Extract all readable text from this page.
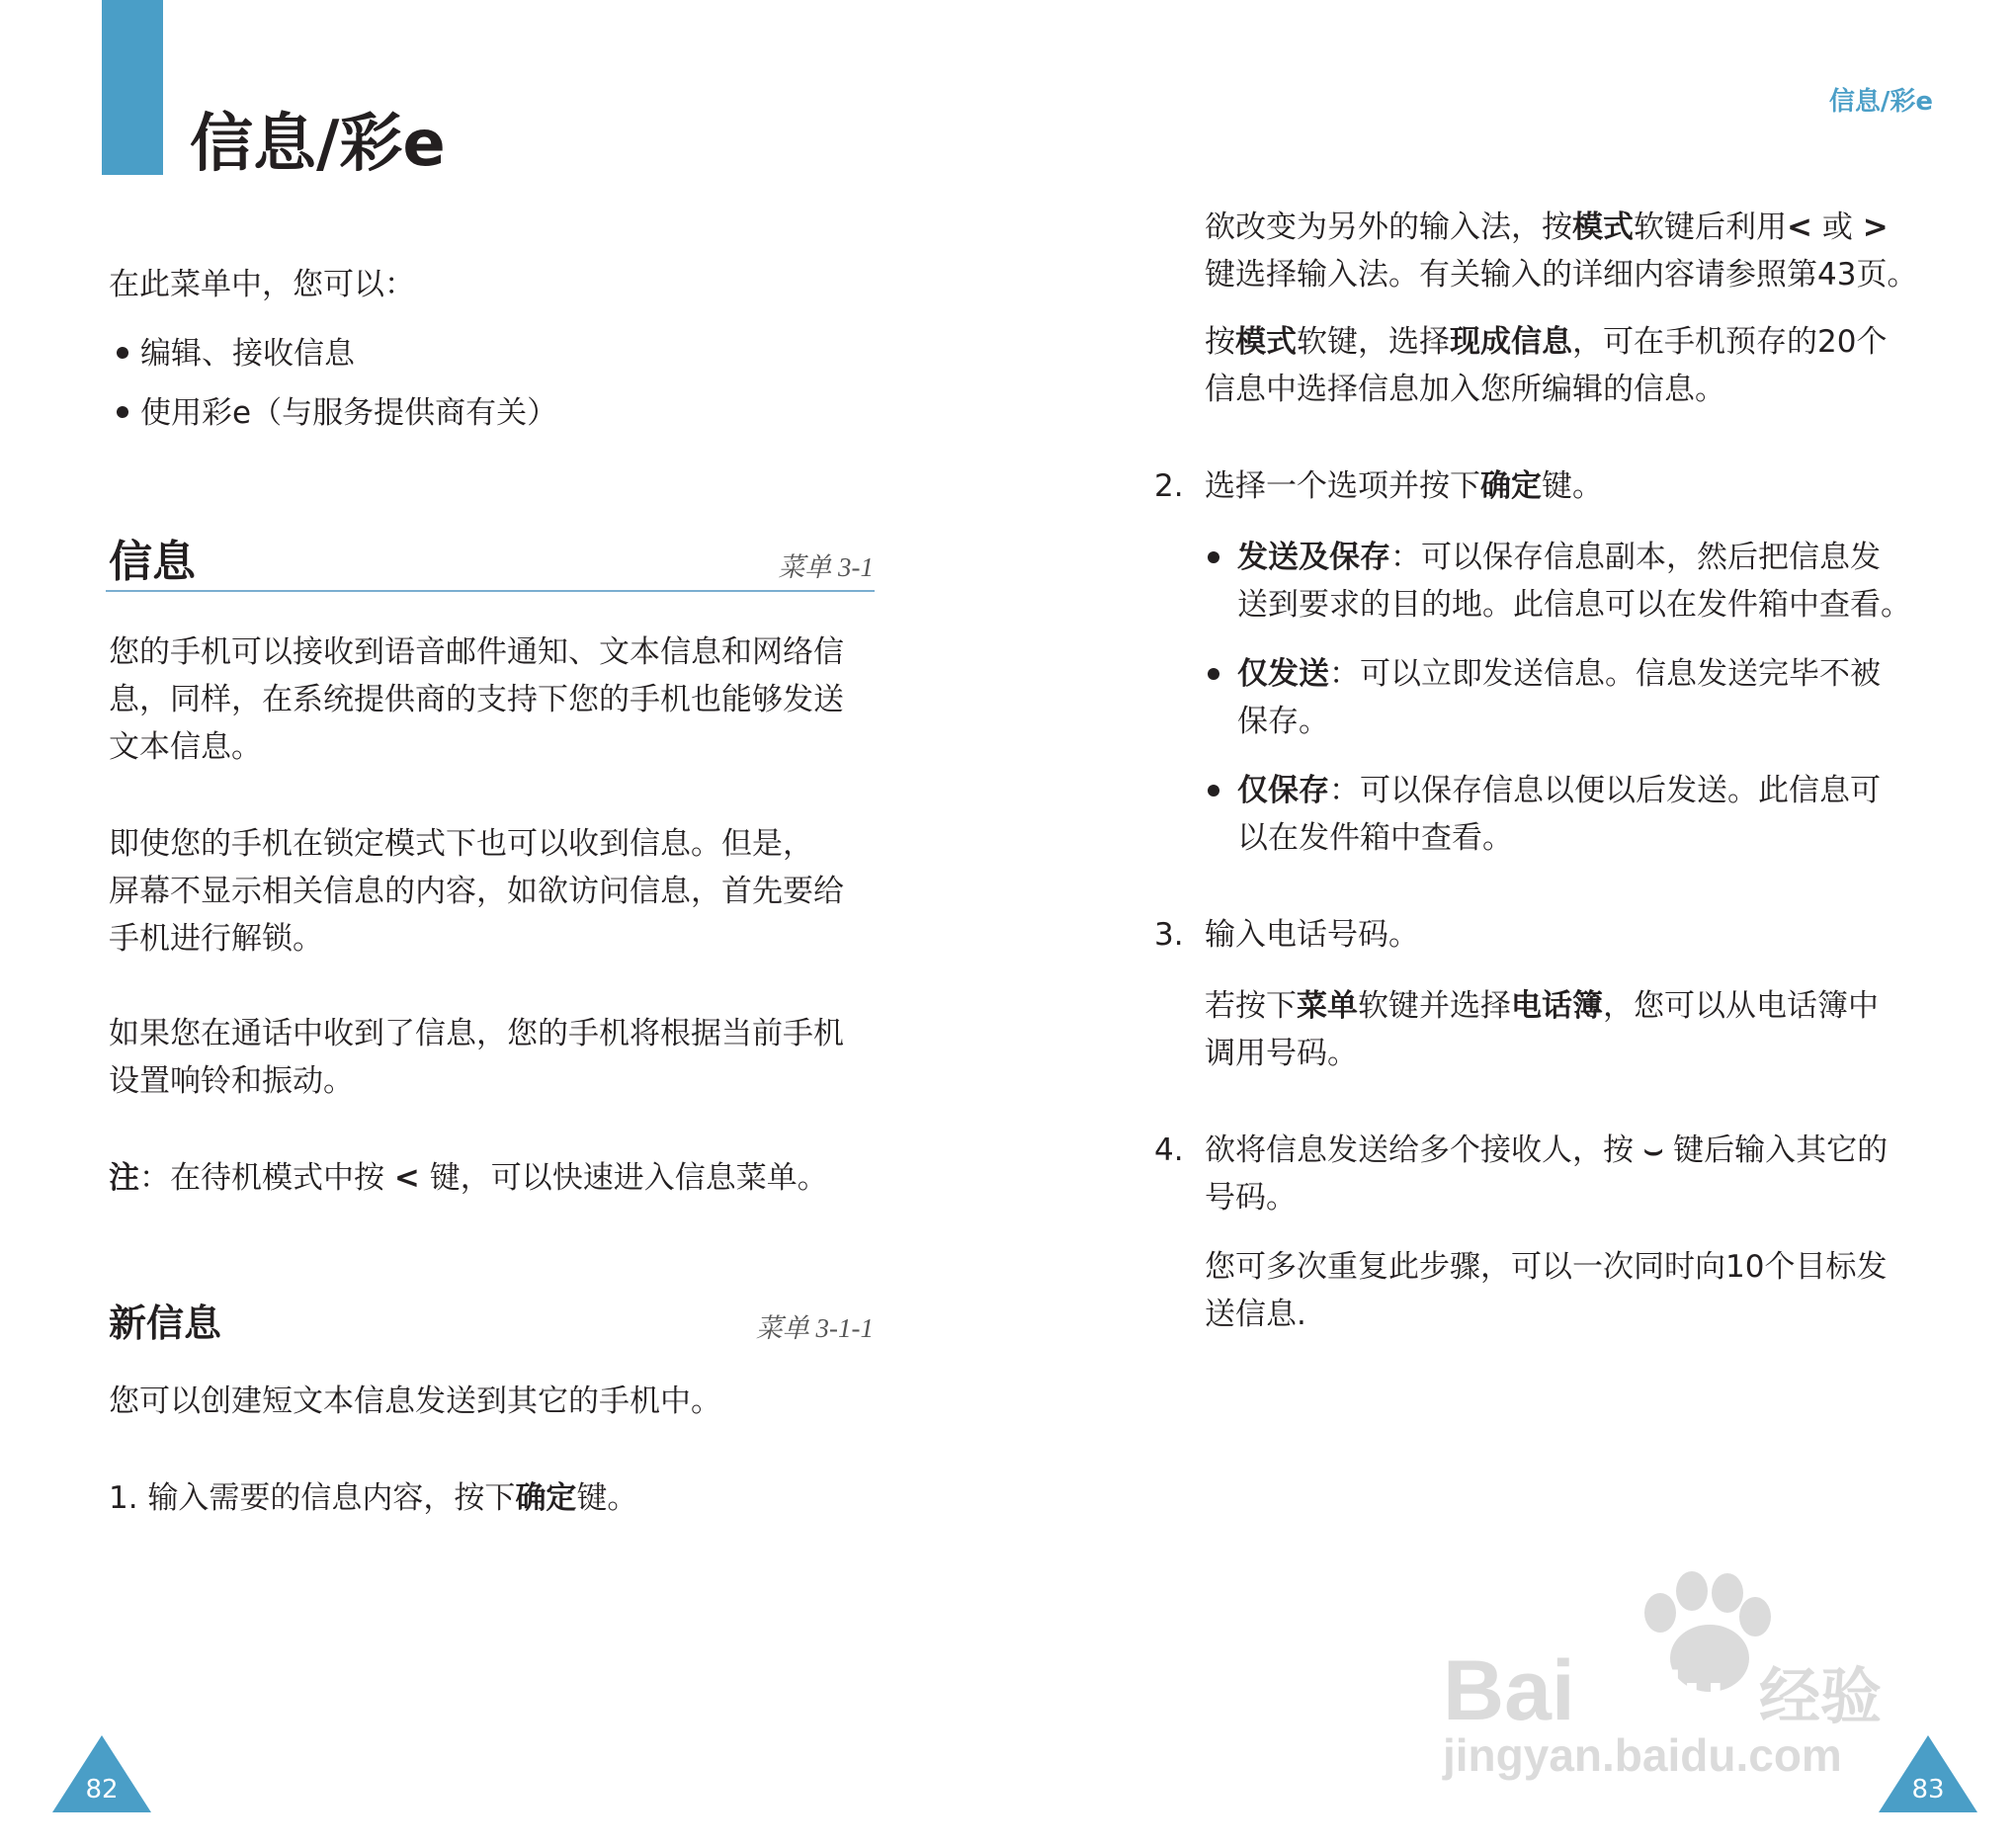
信息/彩e
信息/彩e
在此菜单中，您可以：
编辑、接收信息
使用彩e（与服务提供商有关）
信息	菜单 3-1
您的手机可以接收到语音邮件通知、文本信息和网络信
息，同样，在系统提供商的支持下您的手机也能够发送
文本信息。
即使您的手机在锁定模式下也可以收到信息。但是，
屏幕不显示相关信息的内容，如欲访问信息，首先要给
手机进行解锁。
如果您在通话中收到了信息，您的手机将根据当前手机
设置响铃和振动。
注：在待机模式中按 < 键，可以快速进入信息菜单。
新信息	菜单 3-1-1
您可以创建短文本信息发送到其它的手机中。
1. 输入需要的信息内容，按下确定键。
82
欲改变为另外的输入法，按模式软键后利用< 或 >
键选择输入法。有关输入的详细内容请参照第43页。
按模式软键，选择现成信息，可在手机预存的20个
信息中选择信息加入您所编辑的信息。
2. 选择一个选项并按下确定键。
发送及保存：可以保存信息副本，然后把信息发
送到要求的目的地。此信息可以在发件箱中查看。
仅发送：可以立即发送信息。信息发送完毕不被
保存。
仅保存：可以保存信息以便以后发送。此信息可
以在发件箱中查看。
3. 输入电话号码。
若按下菜单软键并选择电话簿，您可以从电话簿中
调用号码。
4. 欲将信息发送给多个接收人，按 ⌣ 键后输入其它的
号码。
您可多次重复此步骤，可以一次同时向10个目标发
送信息.
83
Bai du 经验
jingyan.baidu.com
